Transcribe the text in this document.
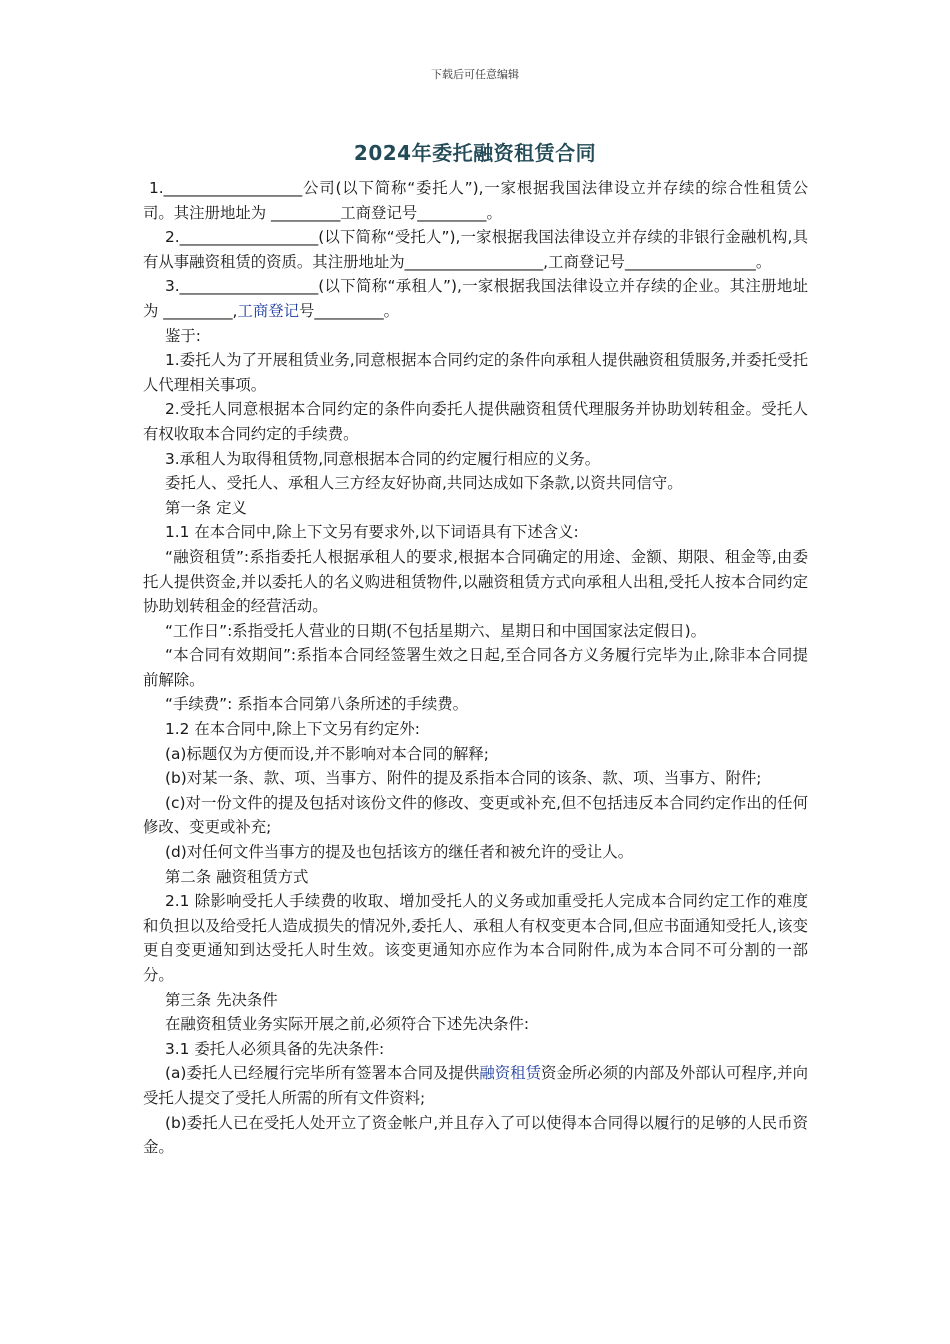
下载后可任意编辑
2024年委托融资租赁合同

1.__________________公司(以下简称“委托人”),一家根据我国法律设立并存续的综合性租赁公司。其注册地址为 _________工商登记号_________。

2.__________________(以下简称“受托人”),一家根据我国法律设立并存续的非银行金融机构,具有从事融资租赁的资质。其注册地址为__________________,工商登记号_________________。

3.__________________(以下简称“承租人”),一家根据我国法律设立并存续的企业。其注册地址为 _________,工商登记号_________。

鉴于:

1.委托人为了开展租赁业务,同意根据本合同约定的条件向承租人提供融资租赁服务,并委托受托人代理相关事项。

2.受托人同意根据本合同约定的条件向委托人提供融资租赁代理服务并协助划转租金。受托人有权收取本合同约定的手续费。

3.承租人为取得租赁物,同意根据本合同的约定履行相应的义务。

委托人、受托人、承租人三方经友好协商,共同达成如下条款,以资共同信守。

第一条 定义

1.1 在本合同中,除上下文另有要求外,以下词语具有下述含义:

“融资租赁”:系指委托人根据承租人的要求,根据本合同确定的用途、金额、期限、租金等,由委托人提供资金,并以委托人的名义购进租赁物件,以融资租赁方式向承租人出租,受托人按本合同约定协助划转租金的经营活动。

“工作日”:系指受托人营业的日期(不包括星期六、星期日和中国国家法定假日)。

“本合同有效期间”:系指本合同经签署生效之日起,至合同各方义务履行完毕为止,除非本合同提前解除。

“手续费”: 系指本合同第八条所述的手续费。

1.2 在本合同中,除上下文另有约定外:

(a)标题仅为方便而设,并不影响对本合同的解释;

(b)对某一条、款、项、当事方、附件的提及系指本合同的该条、款、项、当事方、附件;

(c)对一份文件的提及包括对该份文件的修改、变更或补充,但不包括违反本合同约定作出的任何修改、变更或补充;

(d)对任何文件当事方的提及也包括该方的继任者和被允许的受让人。

第二条 融资租赁方式

2.1 除影响受托人手续费的收取、增加受托人的义务或加重受托人完成本合同约定工作的难度和负担以及给受托人造成损失的情况外,委托人、承租人有权变更本合同,但应书面通知受托人,该变更自变更通知到达受托人时生效。该变更通知亦应作为本合同附件,成为本合同不可分割的一部分。

第三条 先决条件

在融资租赁业务实际开展之前,必须符合下述先决条件:

3.1 委托人必须具备的先决条件:

(a)委托人已经履行完毕所有签署本合同及提供融资租赁资金所必须的内部及外部认可程序,并向受托人提交了受托人所需的所有文件资料;

(b)委托人已在受托人处开立了资金帐户,并且存入了可以使得本合同得以履行的足够的人民币资金。
